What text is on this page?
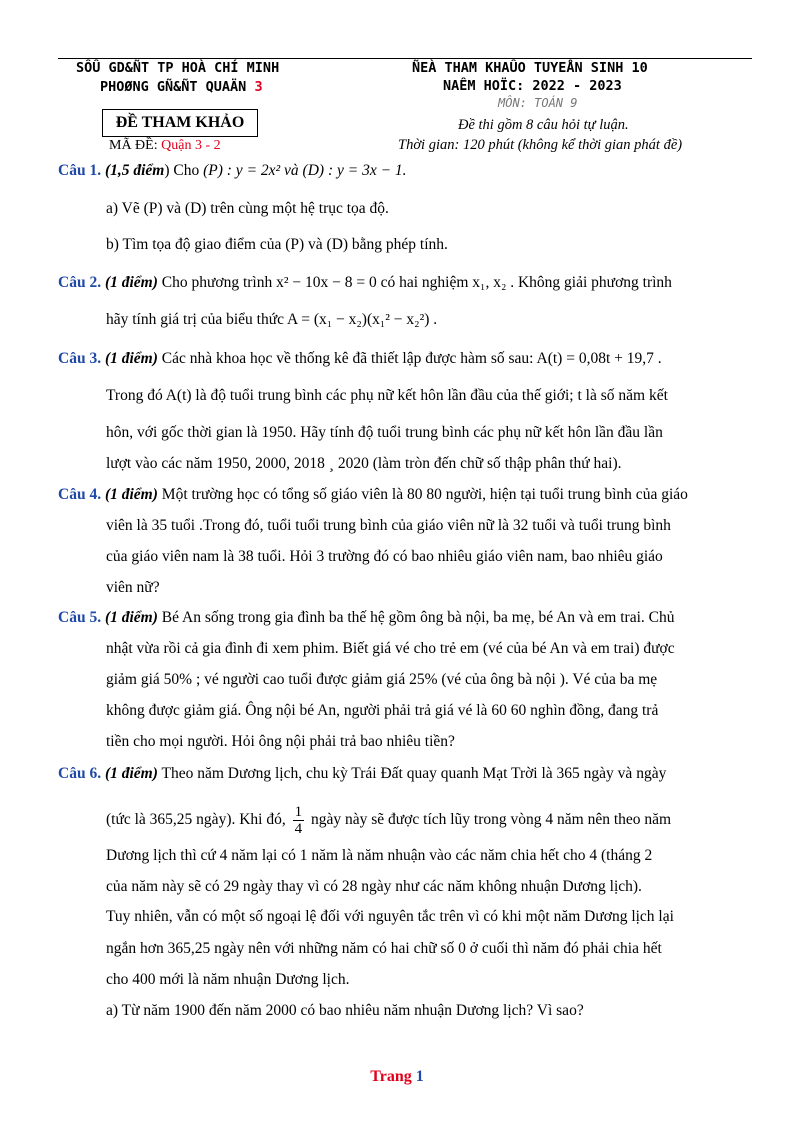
SÔÛ GD&ÑT TP HOÀ CHÍ MINH
PHOØNG GÑ&ÑT QUAÄN 3
ÑEÀ THAM KHAÛO TUYEÅN SINH 10
NAÊM HOÏC: 2022 - 2023
MÔN: TOÁN 9
ĐỀ THAM KHẢO
MÃ ĐỀ: Quận 3 - 2
Đề thi gồm 8 câu hỏi tự luận.
Thời gian: 120 phút (không kể thời gian phát đề)
Câu 1. (1,5 điểm) Cho (P) : y = 2x² và (D) : y = 3x − 1.
a) Vẽ (P) và (D) trên cùng một hệ trục tọa độ.
b) Tìm tọa độ giao điểm của (P) và (D) bằng phép tính.
Câu 2. (1 điểm) Cho phương trình x² − 10x − 8 = 0 có hai nghiệm x₁, x₂ . Không giải phương trình
hãy tính giá trị của biểu thức A = (x₁ − x₂)(x₁² − x₂²) .
Câu 3. (1 điểm) Các nhà khoa học về thống kê đã thiết lập được hàm số sau: A(t) = 0,08t + 19,7 .
Trong đó A(t) là độ tuổi trung bình các phụ nữ kết hôn lần đầu của thế giới; t là số năm kết
hôn, với gốc thời gian là 1950. Hãy tính độ tuổi trung bình các phụ nữ kết hôn lần đầu lần
lượt vào các năm 1950, 2000, 2018 ¸ 2020 (làm tròn đến chữ số thập phân thứ hai).
Câu 4. (1 điểm) Một trường học có tổng số giáo viên là 80 80 người, hiện tại tuổi trung bình của giáo
viên là 35 tuổi .Trong đó, tuổi tuổi trung bình của giáo viên nữ là 32 tuổi và tuổi trung bình
của giáo viên nam là 38 tuổi. Hỏi 3 trường đó có bao nhiêu giáo viên nam, bao nhiêu giáo
viên nữ?
Câu 5. (1 điểm) Bé An sống trong gia đình ba thế hệ gồm ông bà nội, ba mẹ, bé An và em trai. Chủ
nhật vừa rồi cả gia đình đi xem phim. Biết giá vé cho trẻ em (vé của bé An và em trai) được
giảm giá 50% ; vé người cao tuổi được giảm giá 25% (vé của ông bà nội ). Vé của ba mẹ
không được giảm giá. Ông nội bé An, người phải trả giá vé là 60 60 nghìn đồng, đang trả
tiền cho mọi người. Hỏi ông nội phải trả bao nhiêu tiền?
Câu 6. (1 điểm) Theo năm Dương lịch, chu kỳ Trái Đất quay quanh Mạt Trời là 365 ngày và ngày
(tức là 365,25 ngày). Khi đó, $\frac{1}{4}$ ngày này sẽ được tích lũy trong vòng 4 năm nên theo năm
Dương lịch thì cứ 4 năm lại có 1 năm là năm nhuận vào các năm chia hết cho 4 (tháng 2
của năm này sẽ có 29 ngày thay vì có 28 ngày như các năm không nhuận Dương lịch).
Tuy nhiên, vẫn có một số ngoại lệ đối với nguyên tắc trên vì có khi một năm Dương lịch lại
ngắn hơn 365,25 ngày nên với những năm có hai chữ số 0 ở cuối thì năm đó phải chia hết
cho 400 mới là năm nhuận Dương lịch.
a) Từ năm 1900 đến năm 2000 có bao nhiêu năm nhuận Dương lịch? Vì sao?
Trang 1
